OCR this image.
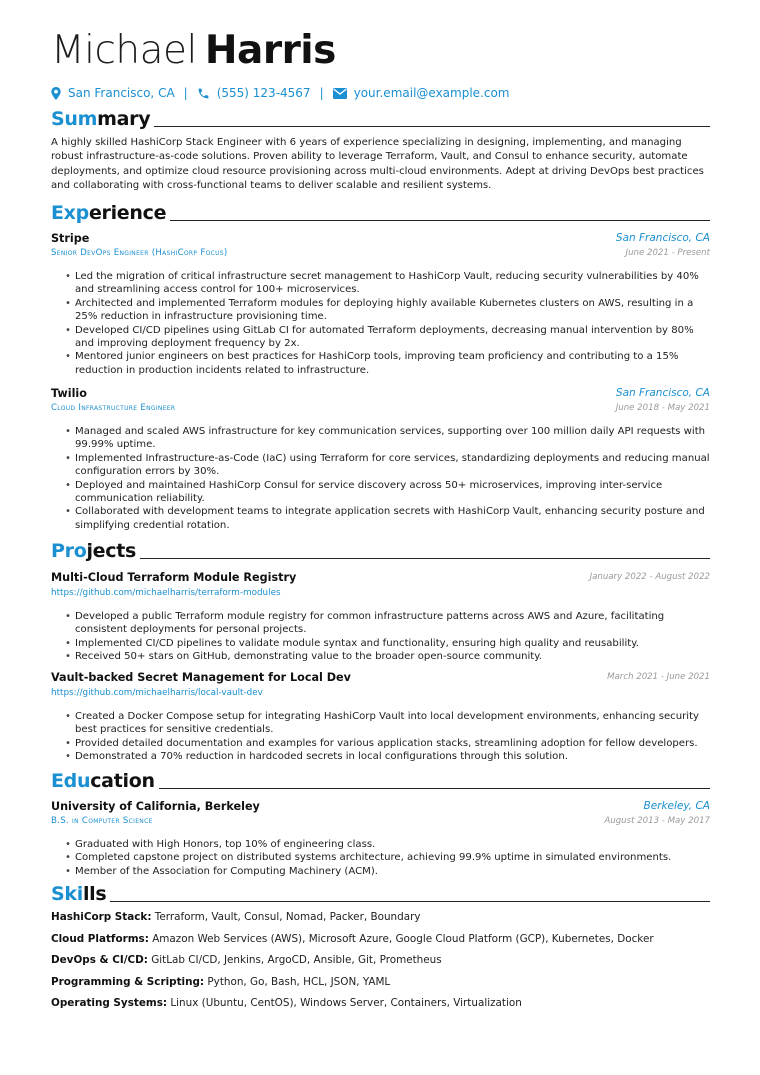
Michael Harris
San Francisco, CA | (555) 123-4567 |	your.email@example.com
Summary

A highly skilled HashiCorp Stack Engineer with 6 years of experience specializing in designing, implementing, and managing robust infrastructure-as-code solutions. Proven ability to leverage Terraform, Vault, and Consul to enhance security, automate deployments, and optimize cloud resource provisioning across multi-cloud environments. Adept at driving DevOps best practices and collaborating with cross-functional teams to deliver scalable and resilient systems.

Experience
Stripe	San Francisco, CA
Senior DevOps Engineer (HashiCorp Focus)	June 2021 - Present
• Led the migration of critical infrastructure secret management to HashiCorp Vault, reducing security vulnerabilities by 40% and streamlining access control for 100+ microservices.
• Architected and implemented Terraform modules for deploying highly available Kubernetes clusters on AWS, resulting in a 25% reduction in infrastructure provisioning time.
• Developed CI/CD pipelines using GitLab CI for automated Terraform deployments, decreasing manual intervention by 80% and improving deployment frequency by 2x.
• Mentored junior engineers on best practices for HashiCorp tools, improving team proficiency and contributing to a 15% reduction in production incidents related to infrastructure.
Twilio	San Francisco, CA
Cloud Infrastructure Engineer	June 2018 - May 2021
• Managed and scaled AWS infrastructure for key communication services, supporting over 100 million daily API requests with 99.99% uptime.
• Implemented Infrastructure-as-Code (IaC) using Terraform for core services, standardizing deployments and reducing manual configuration errors by 30%.
• Deployed and maintained HashiCorp Consul for service discovery across 50+ microservices, improving inter-service communication reliability.
• Collaborated with development teams to integrate application secrets with HashiCorp Vault, enhancing security posture and simplifying credential rotation.
Projects
Multi-Cloud Terraform Module Registry	January 2022 - August 2022
https://github.com/michaelharris/terraform-modules
• Developed a public Terraform module registry for common infrastructure patterns across AWS and Azure, facilitating consistent deployments for personal projects.
• Implemented CI/CD pipelines to validate module syntax and functionality, ensuring high quality and reusability.
• Received 50+ stars on GitHub, demonstrating value to the broader open-source community.
Vault-backed Secret Management for Local Dev	March 2021 - June 2021
https://github.com/michaelharris/local-vault-dev
• Created a Docker Compose setup for integrating HashiCorp Vault into local development environments, enhancing security best practices for sensitive credentials.
• Provided detailed documentation and examples for various application stacks, streamlining adoption for fellow developers.
• Demonstrated a 70% reduction in hardcoded secrets in local configurations through this solution.
Education
University of California, Berkeley	Berkeley, CA
B.S. in Computer Science	August 2013 - May 2017
• Graduated with High Honors, top 10% of engineering class.
• Completed capstone project on distributed systems architecture, achieving 99.9% uptime in simulated environments.
• Member of the Association for Computing Machinery (ACM).
Skills
HashiCorp Stack: Terraform, Vault, Consul, Nomad, Packer, Boundary
Cloud Platforms: Amazon Web Services (AWS), Microsoft Azure, Google Cloud Platform (GCP), Kubernetes, Docker
DevOps & CI/CD: GitLab CI/CD, Jenkins, ArgoCD, Ansible, Git, Prometheus
Programming & Scripting: Python, Go, Bash, HCL, JSON, YAML
Operating Systems: Linux (Ubuntu, CentOS), Windows Server, Containers, Virtualization
